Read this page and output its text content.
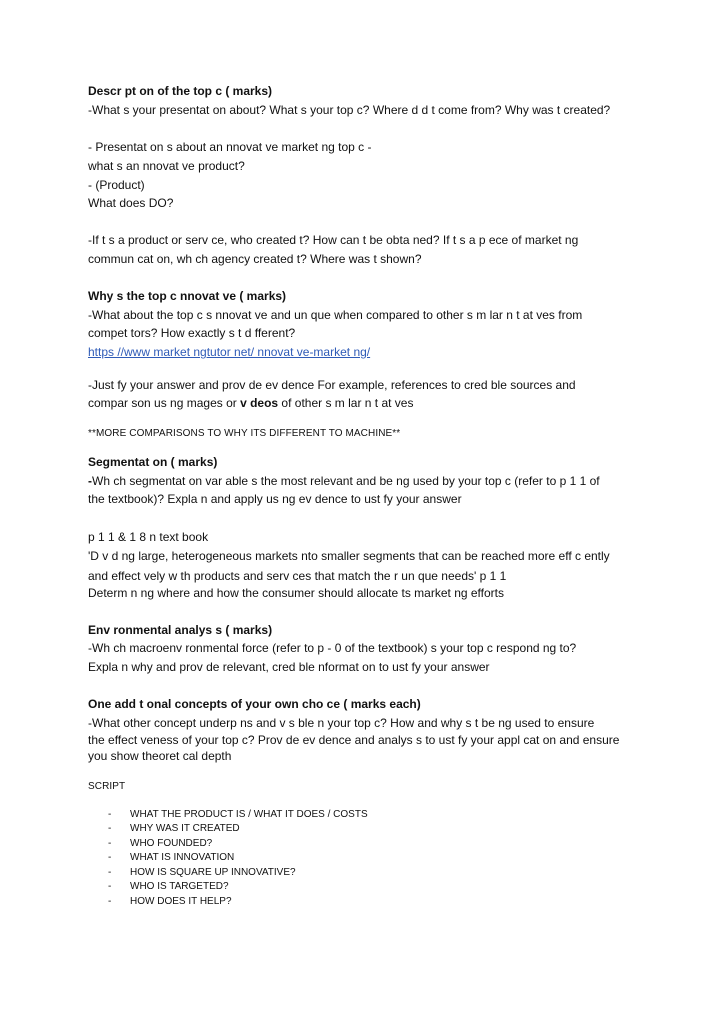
Descr pt on of the top c ( marks)
-What s your presentat on about? What s your top c? Where d d t come from? Why was t created?
- Presentat on s about an nnovat ve market ng top c -
what s an nnovat ve product?
- (Product)
What does DO?
-If t s a product or serv ce, who created t? How can t be obta ned? If t s a p ece of market ng
commun cat on, wh ch agency created t? Where was t shown?
Why s the top c nnovat ve ( marks)
-What about the top c s nnovat ve and un que when compared to other s m lar n t at ves from
compet tors? How exactly s t d fferent?
https //www market ngtutor net/ nnovat ve-market ng/
-Just fy your answer and prov de ev dence For example, references to cred ble sources and
compar son us ng mages or v deos of other s m lar n t at ves
**MORE COMPARISONS TO WHY ITS DIFFERENT TO MACHINE**
Segmentat on ( marks)
-Wh ch segmentat on var able s the most relevant and be ng used by your top c (refer to p 1 1 of
the textbook)? Expla n and apply us ng ev dence to ust fy your answer
p 1 1 & 1 8 n text book
'D v d ng large, heterogeneous markets nto smaller segments that can be reached more eff c ently
and effect vely w th products and serv ces that match the r un que needs' p 1 1
Determ n ng where and how the consumer should allocate ts market ng efforts
Env ronmental analys s ( marks)
-Wh ch macroenv ronmental force (refer to p - 0 of the textbook) s your top c respond ng to?
Expla n why and prov de relevant, cred ble nformat on to ust fy your answer
One add t onal concepts of your own cho ce ( marks each)
-What other concept underp ns and v s ble n your top c? How and why s t be ng used to ensure
the effect veness of your top c? Prov de ev dence and analys s to ust fy your appl cat on and ensure
you show theoret cal depth
SCRIPT
- WHAT THE PRODUCT IS / WHAT IT DOES / COSTS
- WHY WAS IT CREATED
- WHO FOUNDED?
- WHAT IS INNOVATION
- HOW IS SQUARE UP INNOVATIVE?
- WHO IS TARGETED?
- HOW DOES IT HELP?
